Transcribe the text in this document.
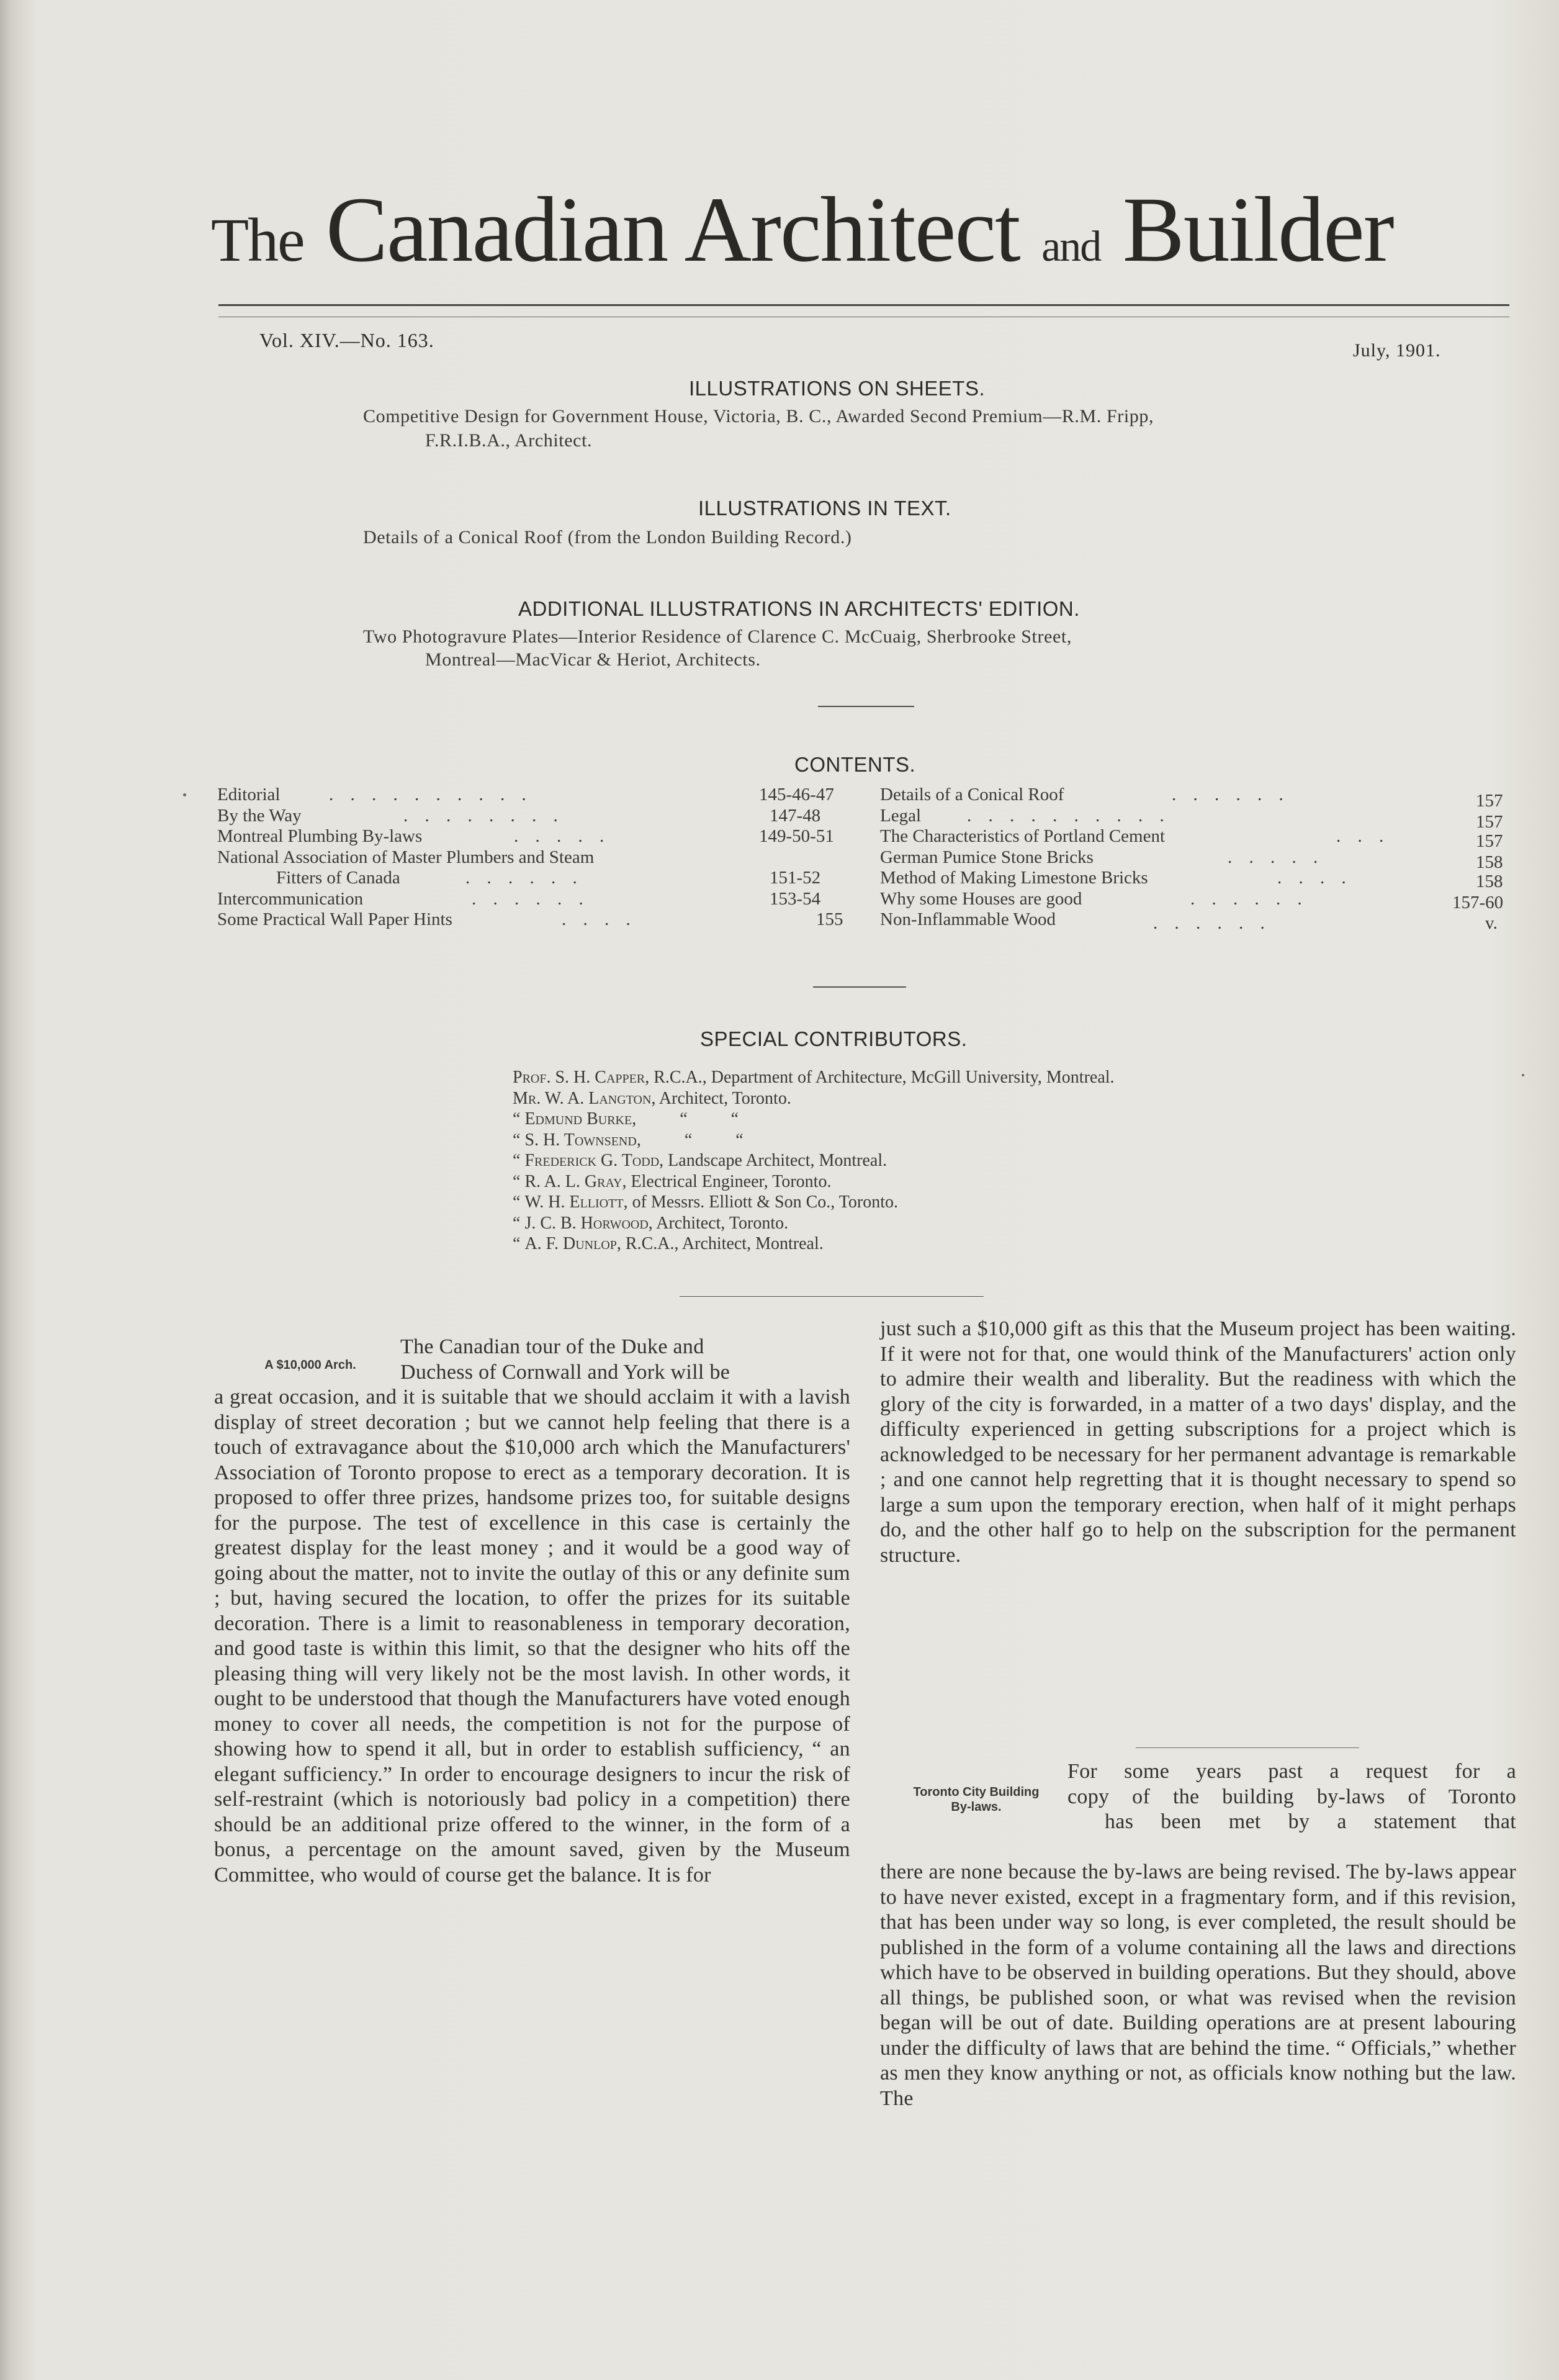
The Canadian Architect and Builder
Vol. XIV.—No. 163.	July, 1901.
ILLUSTRATIONS ON SHEETS.
Competitive Design for Government House, Victoria, B. C., Awarded Second Premium—R.M. Fripp,
F.R.I.B.A., Architect.
ILLUSTRATIONS IN TEXT.
Details of a Conical Roof (from the London Building Record.)
ADDITIONAL ILLUSTRATIONS IN ARCHITECTS' EDITION.
Two Photogravure Plates—Interior Residence of Clarence C. McCuaig, Sherbrooke Street,
Montreal—MacVicar & Heriot, Architects.
CONTENTS.
Editorial	. . . . . . . . . .	145-46-47
By the Way	. . . . . . . .	147-48
Montreal Plumbing By-laws	. . . . .	149-50-51
National Association of Master Plumbers and Steam
Fitters of Canada	. . . . . .	151-52
Intercommunication	. . . . . .	153-54
Some Practical Wall Paper Hints	. . . .	155
Details of a Conical Roof	. . . . . .	157
Legal	. . . . . . . . . .	157
The Characteristics of Portland Cement	. . .	157
German Pumice Stone Bricks	. . . . .	158
Method of Making Limestone Bricks	. . . .	158
Why some Houses are good	. . . . . .	157-60
Non-Inflammable Wood	. . . . . .	v.
SPECIAL CONTRIBUTORS.
Prof. S. H. Capper, R.C.A., Department of Architecture, McGill University, Montreal.
Mr. W. A. Langton, Architect, Toronto.
“ Edmund Burke,          “          “
“ S. H. Townsend,          “          “
“ Frederick G. Todd, Landscape Architect, Montreal.
“ R. A. L. Gray, Electrical Engineer, Toronto.
“ W. H. Elliott, of Messrs. Elliott & Son Co., Toronto.
“ J. C. B. Horwood, Architect, Toronto.
“ A. F. Dunlop, R.C.A., Architect, Montreal.
A $10,000 Arch.
The Canadian tour of the Duke and
Duchess of Cornwall and York will be

a great occasion, and it is suitable that we should acclaim it with a lavish display of street decoration ; but we cannot help feeling that there is a touch of extravagance about the $10,000 arch which the Manufacturers' Association of Toronto propose to erect as a temporary decoration. It is proposed to offer three prizes, handsome prizes too, for suitable designs for the purpose. The test of excellence in this case is certainly the greatest display for the least money ; and it would be a good way of going about the matter, not to invite the outlay of this or any definite sum ; but, having secured the location, to offer the prizes for its suitable decoration. There is a limit to reasonableness in temporary decoration, and good taste is within this limit, so that the designer who hits off the pleasing thing will very likely not be the most lavish. In other words, it ought to be understood that though the Manufacturers have voted enough money to cover all needs, the competition is not for the purpose of showing how to spend it all, but in order to establish sufficiency, “ an elegant sufficiency.” In order to encourage designers to incur the risk of self-restraint (which is notoriously bad policy in a competition) there should be an additional prize offered to the winner, in the form of a bonus, a percentage on the amount saved, given by the Museum Committee, who would of course get the balance. It is for

just such a $10,000 gift as this that the Museum project has been waiting. If it were not for that, one would think of the Manufacturers' action only to admire their wealth and liberality. But the readiness with which the glory of the city is forwarded, in a matter of a two days' display, and the difficulty experienced in getting subscriptions for a project which is acknowledged to be necessary for her permanent advantage is remarkable ; and one cannot help regretting that it is thought necessary to spend so large a sum upon the temporary erection, when half of it might perhaps do, and the other half go to help on the subscription for the permanent structure.

Toronto City Building
By-laws.

For some years past a request for a

copy of the building by-laws of Toronto

has been met by a statement that

there are none because the by-laws are being revised. The by-laws appear to have never existed, except in a fragmentary form, and if this revision, that has been under way so long, is ever completed, the result should be published in the form of a volume containing all the laws and directions which have to be observed in building operations. But they should, above all things, be published soon, or what was revised when the revision began will be out of date. Building operations are at present labouring under the difficulty of laws that are behind the time. “ Officials,” whether as men they know anything or not, as officials know nothing but the law. The
